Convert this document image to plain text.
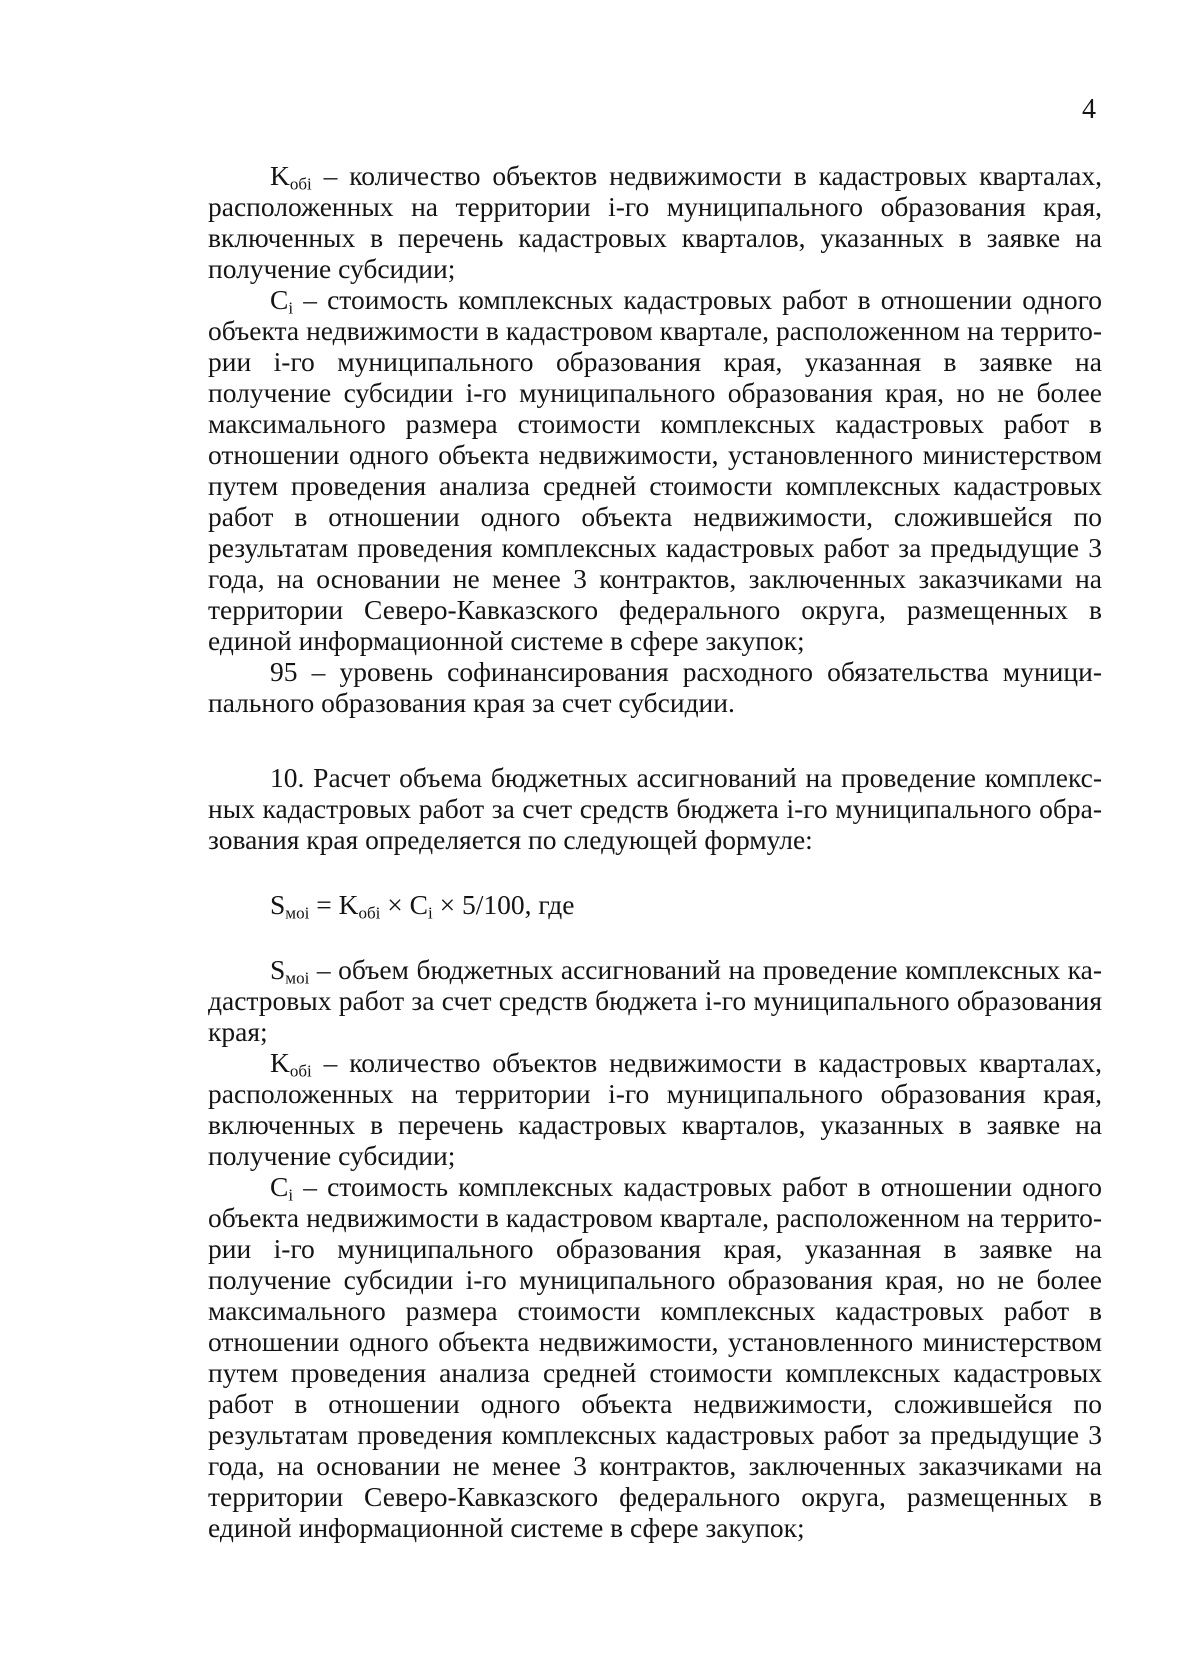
4

$K_{обi}$ – количество объектов недвижимости в кадастровых кварталах, расположенных на территории i-го муниципального образования края, включенных в перечень кадастровых кварталов, указанных в заявке на получение субсидии;

$C_i$ – стоимость комплексных кадастровых работ в отношении одного объекта недвижимости в кадастровом квартале, расположенном на территории i-го муниципального образования края, указанная в заявке на получение субсидии i-го муниципального образования края, но не более максимального размера стоимости комплексных кадастровых работ в отношении одного объекта недвижимости, установленного министерством путем проведения анализа средней стоимости комплексных кадастровых работ в отношении одного объекта недвижимости, сложившейся по результатам проведения комплексных кадастровых работ за предыдущие 3 года, на основании не менее 3 контрактов, заключенных заказчиками на территории Северо-Кавказского федерального округа, размещенных в единой информационной системе в сфере закупок;

95 – уровень софинансирования расходного обязательства муниципального образования края за счет субсидии.

10. Расчет объема бюджетных ассигнований на проведение комплексных кадастровых работ за счет средств бюджета i-го муниципального образования края определяется по следующей формуле:

$S_{моi} = K_{обi} \times C_i \times 5/100$, где

$S_{моi}$ – объем бюджетных ассигнований на проведение комплексных кадастровых работ за счет средств бюджета i-го муниципального образования края;

$K_{обi}$ – количество объектов недвижимости в кадастровых кварталах, расположенных на территории i-го муниципального образования края, включенных в перечень кадастровых кварталов, указанных в заявке на получение субсидии;

$C_i$ – стоимость комплексных кадастровых работ в отношении одного объекта недвижимости в кадастровом квартале, расположенном на территории i-го муниципального образования края, указанная в заявке на получение субсидии i-го муниципального образования края, но не более максимального размера стоимости комплексных кадастровых работ в отношении одного объекта недвижимости, установленного министерством путем проведения анализа средней стоимости комплексных кадастровых работ в отношении одного объекта недвижимости, сложившейся по результатам проведения комплексных кадастровых работ за предыдущие 3 года, на основании не менее 3 контрактов, заключенных заказчиками на территории Северо-Кавказского федерального округа, размещенных в единой информационной системе в сфере закупок;
